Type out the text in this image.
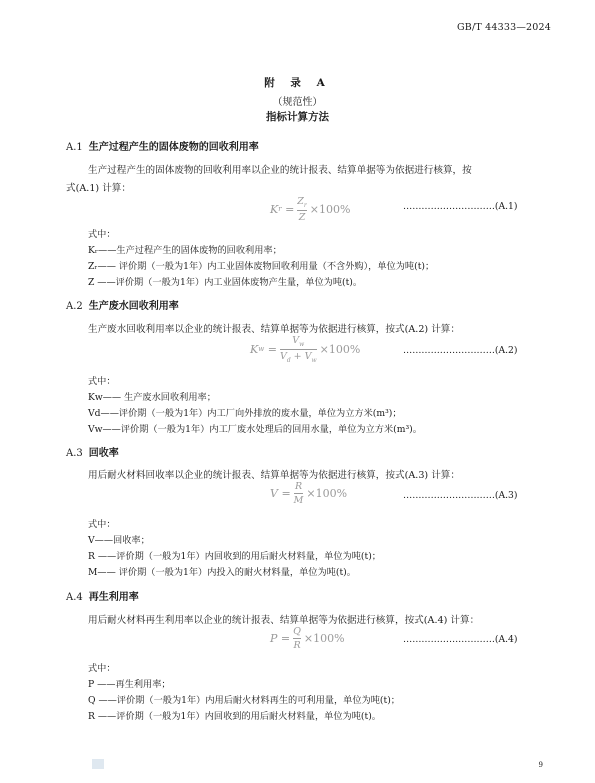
GB/T 44333—2024
附 录 A
（规范性）
指标计算方法
A.1 生产过程产生的固体废物的回收利用率
生产过程产生的固体废物的回收利用率以企业的统计报表、结算单据等为依据进行核算，按
式(A.1) 计算：
K $r = \frac{Z_r}{Z} \times 100\%$	…………………………(A.1)
式中：
Kᵣ——生产过程产生的固体废物的回收利用率；
Zᵣ—— 评价期（一般为1年）内工业固体废物回收利用量（不含外购），单位为吨(t)；
Z ——评价期（一般为1年）内工业固体废物产生量，单位为吨(t)。
A.2 生产废水回收利用率
生产废水回收利用率以企业的统计报表、结算单据等为依据进行核算，按式(A.2) 计算：
K $w = \frac{V_w}{V_d + V_w} \times 100\%$	…………………………(A.2)
式中：
Kw—— 生产废水回收利用率；
Vd——评价期（一般为1年）内工厂向外排放的废水量，单位为立方米(m³)；
Vw——评价期（一般为1年）内工厂废水处理后的回用水量，单位为立方米(m³)。
A.3 回收率
用后耐火材料回收率以企业的统计报表、结算单据等为依据进行核算，按式(A.3) 计算：
$V = \frac{R}{M} \times 100\%$	…………………………(A.3)
式中：
V——回收率；
R ——评价期（一般为1年）内回收到的用后耐火材料量，单位为吨(t)；
M—— 评价期（一般为1年）内投入的耐火材料量，单位为吨(t)。
A.4 再生利用率
用后耐火材料再生利用率以企业的统计报表、结算单据等为依据进行核算，按式(A.4) 计算：
$P = \frac{Q}{R} \times 100\%$	…………………………(A.4)
式中：
P ——再生利用率；
Q ——评价期（一般为1年）内用后耐火材料再生的可利用量，单位为吨(t)；
R ——评价期（一般为1年）内回收到的用后耐火材料量，单位为吨(t)。
9
